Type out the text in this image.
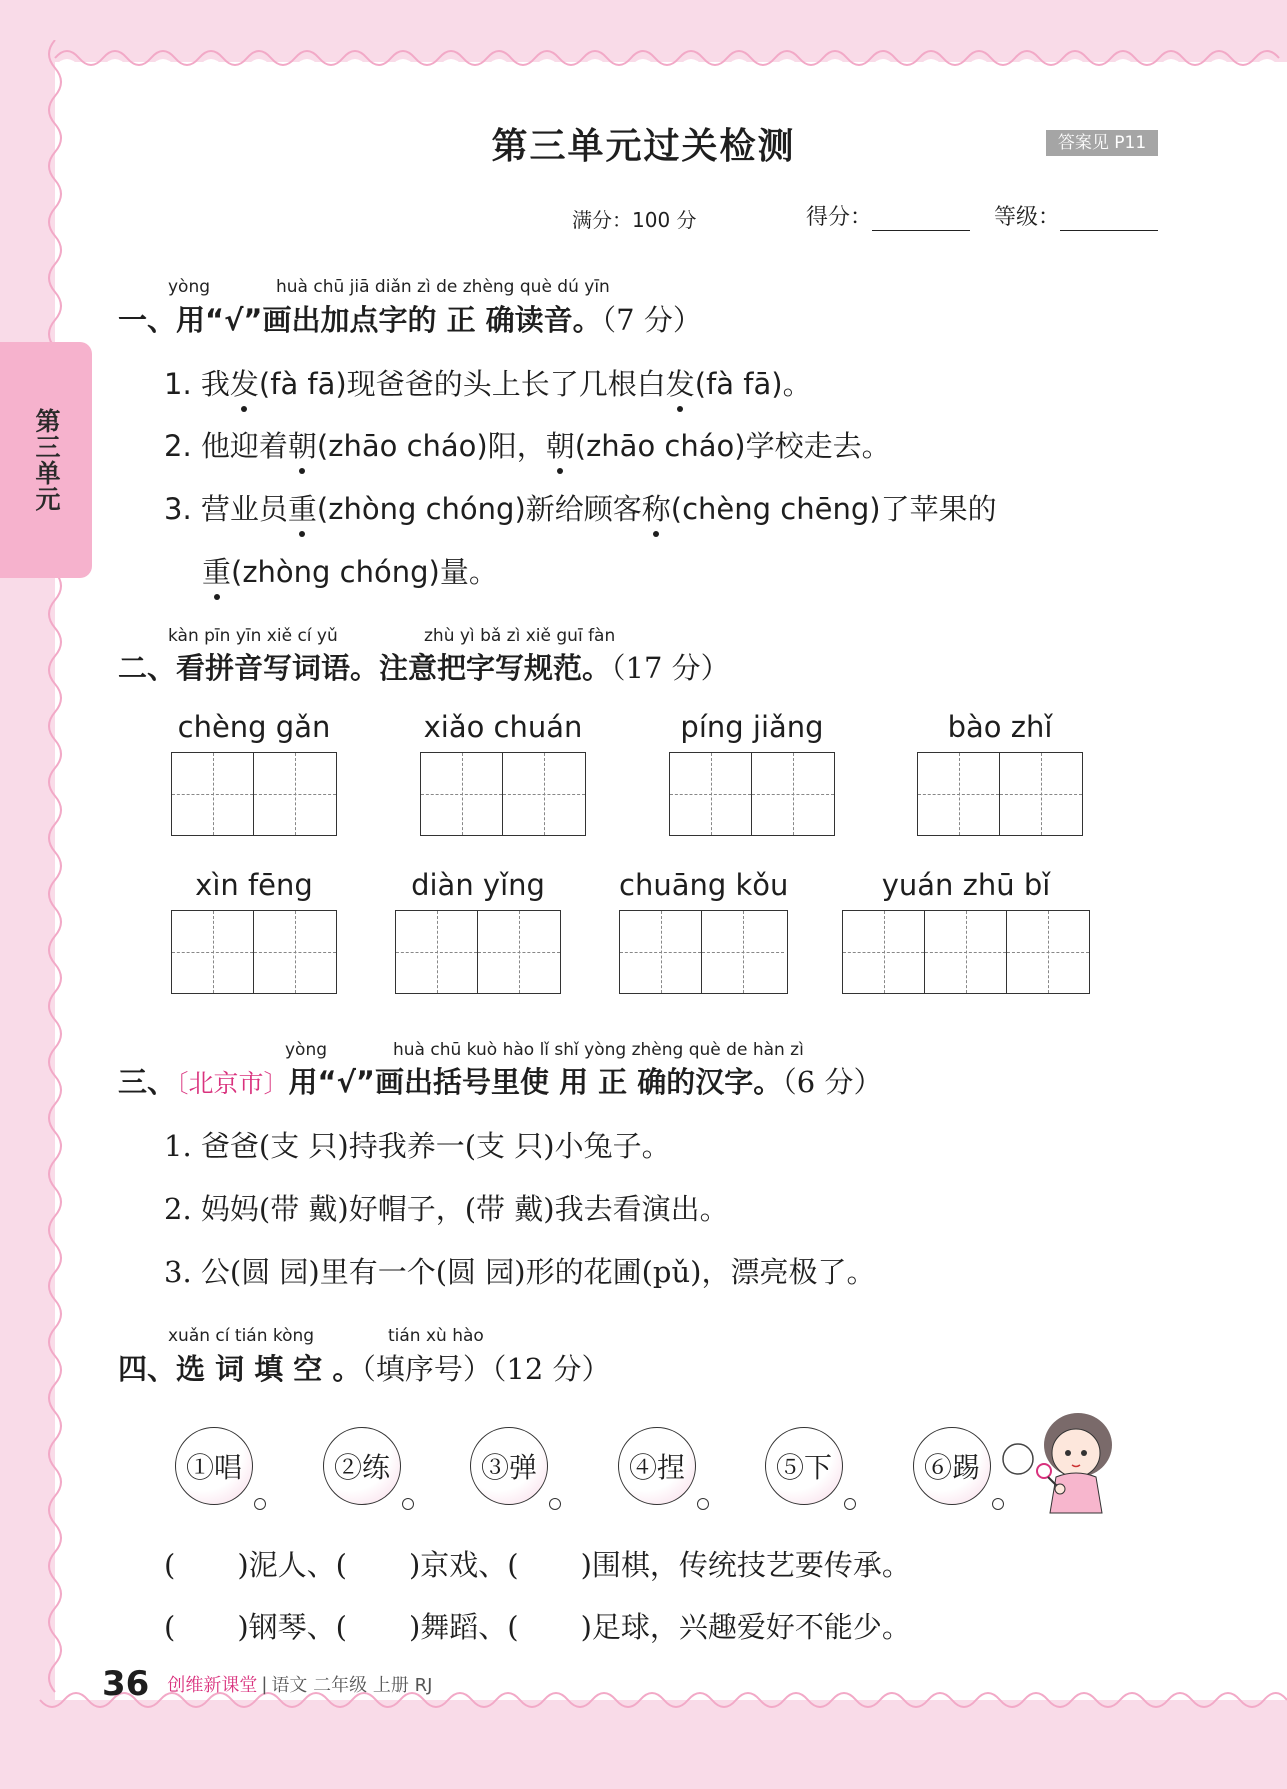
第三单元
第三单元过关检测	答案见 P11
满分：100 分	得分：	等级：
yòng	huà chū jiā diǎn zì de zhèng què dú yīn
一、用“√”画出加点字的 正 确读音。（7 分）
1. 我发(fà fā)现爸爸的头上长了几根白发(fà fā)。
2. 他迎着朝(zhāo cháo)阳，朝(zhāo cháo)学校走去。
3. 营业员重(zhòng chóng)新给顾客称(chèng chēng)了苹果的
重(zhòng chóng)量。
kàn pīn yīn xiě cí yǔ	zhù yì bǎ zì xiě guī fàn
二、看拼音写词语。注意把字写规范。（17 分）
chèng gǎn	xiǎo chuán	píng jiǎng	bào zhǐ
xìn fēng	diàn yǐng	chuāng kǒu	yuán zhū bǐ
yòng	huà chū kuò hào lǐ shǐ yòng zhèng què de hàn zì
三、〔北京市〕用“√”画出括号里使 用 正 确的汉字。（6 分）
1. 爸爸(支 只)持我养一(支 只)小兔子。
2. 妈妈(带 戴)好帽子，(带 戴)我去看演出。
3. 公(圆 园)里有一个(圆 园)形的花圃(pǔ)，漂亮极了。
xuǎn cí tián kòng	tián xù hào
四、选 词 填 空 。（填序号）（12 分）
①唱	②练	③弹	④捏	⑤下	⑥踢
( )泥人、( )京戏、( )围棋，传统技艺要传承。
( )钢琴、( )舞蹈、( )足球，兴趣爱好不能少。
36 创维新课堂 | 语文 二年级 上册 RJ
